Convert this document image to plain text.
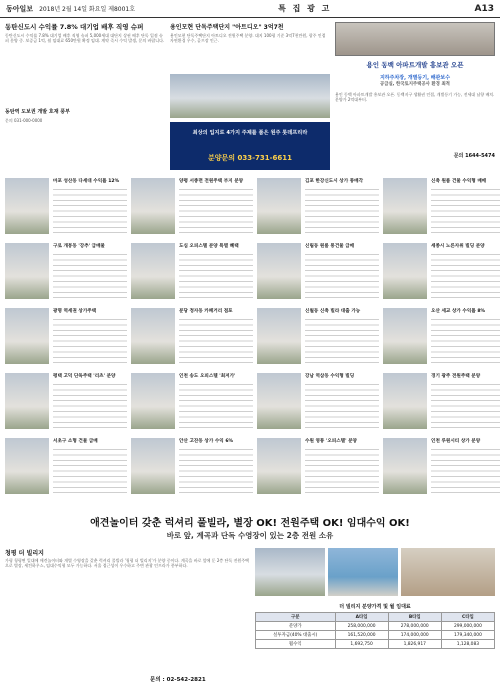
동아일보 2018년 2월 14일 화요일 제8001호	특 집 광 고	A13
동탄신도시 수익률 7.8% 대기업 배후 직영 슈퍼
동탄신도시 수익률 7.8% 대기업 배후 직영 슈퍼 5,000세대 대단지 상권 배후 단독 입점 슈퍼 분양 중. 보증금 1억, 월 임대료 650만원 확정 임대. 계약 즉시 수익 발생, 문의 바랍니다.
동탄역 도보권 개발 호재 풍부
문의 031-000-0000
용인모현 단독주택단지 "아트디오" 3억7천
용인모현 단독주택단지 아트디오 전원주택 분양. 대지 100평 기준 3억7천만원, 광주 인접 자연환경 우수, 골프장 인근.
최상의 입지로 4가지 주제를 품은 원주 롯데프리라
분양문의 033-731-6611
용인 동백 아파트개발 흥보관 오픈
지하주차장, 개별등기, 배관보수
공급실, 한국토지주택공사 환경 최적
용인 동백 아파트개발 흥보관 오픈. 동백지구 생활권 인접, 개별등기 가능, 전세대 남향 배치. 분양가 2억대부터.
문의 1644-5474
마포 성산동 다세대 수익률 12%	양평 서종면 전원주택 부지 분양	김포 한강신도시 상가 통매각	신축 원룸 건물 수익형 매매
구로 개봉동 '강추' 급매물	도심 오피스텔 분양 특별 혜택	신림동 원룸 통건물 급매	세종시 노른자위 빌딩 분양
광명 역세권 상가주택	분당 정자동 카페거리 점포	신월동 신축 빌라 대출 가능	오산 세교 상가 수익률 8%
평택 고덕 단독주택 '리츠' 분양	인천 송도 오피스텔 '최저가'	강남 역삼동 수익형 빌딩	경기 광주 전원주택 분양
서초구 소형 건물 급매	안산 고잔동 상가 수익 6%	수원 영통 '오피스텔' 분양	인천 루원시티 상가 분양
애견놀이터 갖춘 럭셔리 풀빌라, 별장 OK! 전원주택 OK! 임대수익 OK!
바로 앞, 계곡과 단독 수영장이 있는 2층 전원 소유
청평 더 빌리지
가평 청평면 일대에 애견놀이터와 개별 수영장을 갖춘 럭셔리 풀빌라 '청평 더 빌리지'가 분양 중이다. 계곡을 바로 앞에 둔 2층 단독 전원주택으로 별장, 세컨하우스, 임대수익형 모두 가능하다. 서울 접근성이 우수하고 주변 관광 인프라가 풍부하다.
문의 : 02-542-2821
더 빌리지 분양가격 및 월 임대료
구분	A타입	B타입	C타입
분양가	258,000,000	278,000,000	299,000,000
실투자금(40% 대출시)	161,520,000	174,000,000	179,340,000
월수익	1,692,750	1,826,917	1,128,083
